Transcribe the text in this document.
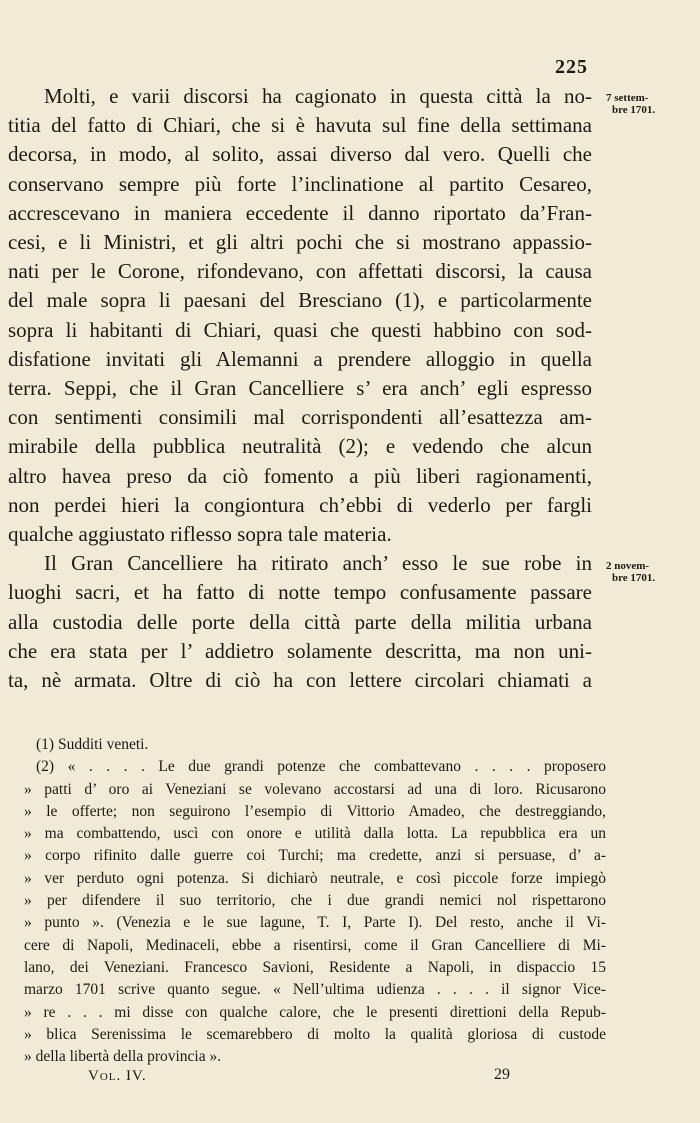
225
Molti, e varii discorsi ha cagionato in questa città la no-
titia del fatto di Chiari, che si è havuta sul fine della settimana
decorsa, in modo, al solito, assai diverso dal vero. Quelli che
conservano sempre più forte l’inclinatione al partito Cesareo,
accrescevano in maniera eccedente il danno riportato da’Fran-
cesi, e li Ministri, et gli altri pochi che si mostrano appassio-
nati per le Corone, rifondevano, con affettati discorsi, la causa
del male sopra li paesani del Bresciano (1), e particolarmente
sopra li habitanti di Chiari, quasi che questi habbino con sod-
disfatione invitati gli Alemanni a prendere alloggio in quella
terra. Seppi, che il Gran Cancelliere s’ era anch’ egli espresso
con sentimenti consimili mal corrispondenti all’esattezza am-
mirabile della pubblica neutralità (2); e vedendo che alcun
altro havea preso da ciò fomento a più liberi ragionamenti,
non perdei hieri la congiontura ch’ebbi di vederlo per fargli
qualche aggiustato riflesso sopra tale materia.
Il Gran Cancelliere ha ritirato anch’ esso le sue robe in
luoghi sacri, et ha fatto di notte tempo confusamente passare
alla custodia delle porte della città parte della militia urbana
che era stata per l’ addietro solamente descritta, ma non uni-
ta, nè armata. Oltre di ciò ha con lettere circolari chiamati a
7 settem-
bre 1701.
2 novem-
bre 1701.
(1) Sudditi veneti.
(2) « . . . . Le due grandi potenze che combattevano . . . . proposero
» patti d’ oro ai Veneziani se volevano accostarsi ad una di loro. Ricusarono
» le offerte; non seguirono l’esempio di Vittorio Amadeo, che destreggiando,
» ma combattendo, uscì con onore e utilità dalla lotta. La repubblica era un
» corpo rifinito dalle guerre coi Turchi; ma credette, anzi si persuase, d’ a-
» ver perduto ogni potenza. Si dichiarò neutrale, e così piccole forze impiegò
» per difendere il suo territorio, che i due grandi nemici nol rispettarono
» punto ». (Venezia e le sue lagune, T. I, Parte I). Del resto, anche il Vi-
cere di Napoli, Medinaceli, ebbe a risentirsi, come il Gran Cancelliere di Mi-
lano, dei Veneziani. Francesco Savioni, Residente a Napoli, in dispaccio 15
marzo 1701 scrive quanto segue. « Nell’ultima udienza . . . . il signor Vice-
» re . . . mi disse con qualche calore, che le presenti direttioni della Repub-
» blica Serenissima le scemarebbero di molto la qualità gloriosa di custode
» della libertà della provincia ».
Vol. IV.	29
